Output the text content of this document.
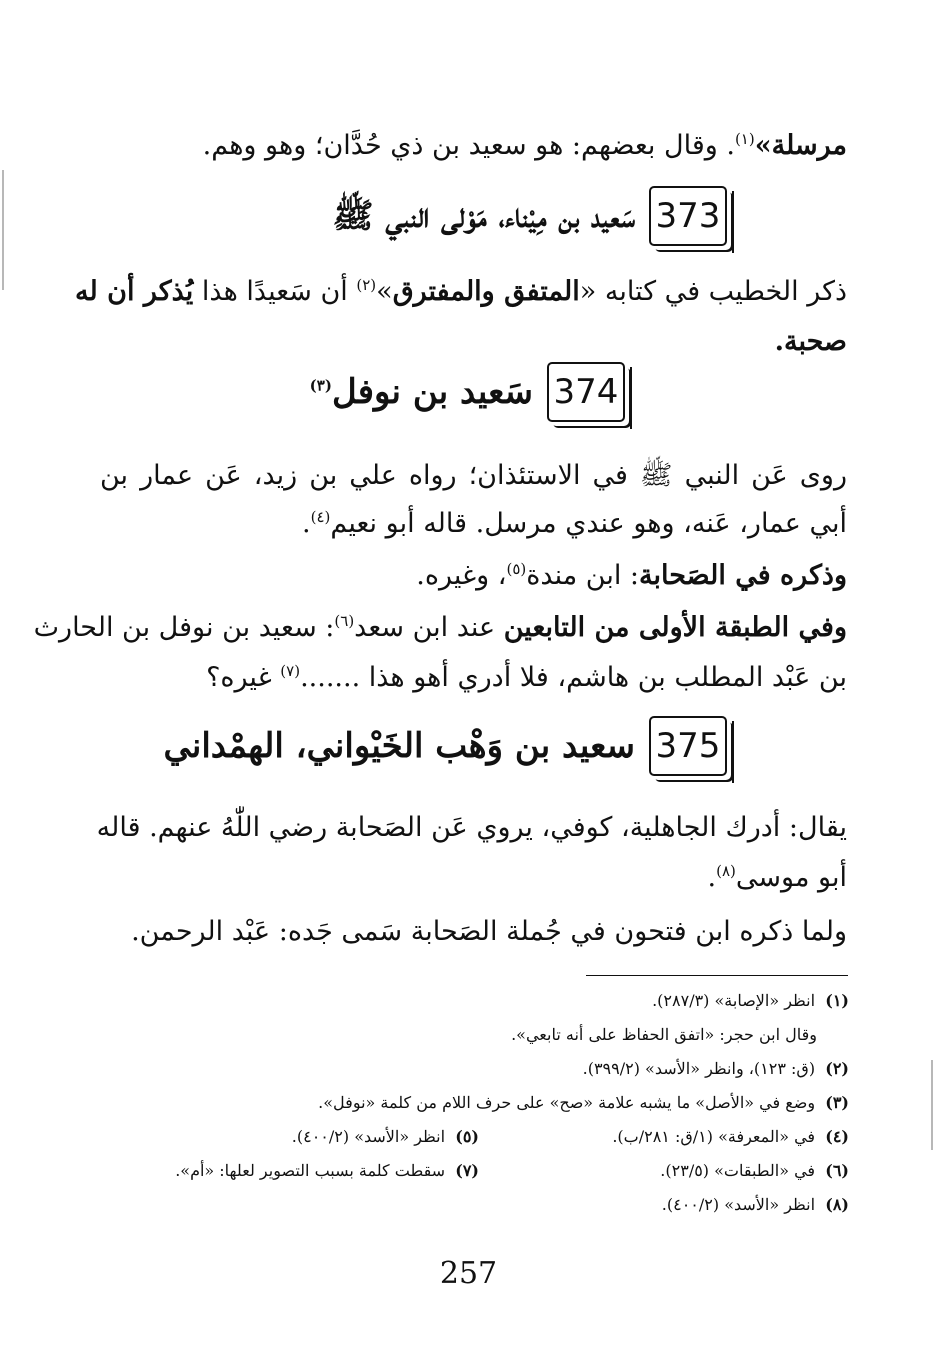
مرسلة»$^{(١)}$. وقال بعضهم: هو سعيد بن ذي حُدَّان؛ وهو وهم.
373
سَعيد بن مِيْناء، مَوْلى النبي ﷺ
ذكر الخطيب في كتابه «المتفق والمفترق»$^{(٢)}$ أن سَعيدًا هذا يُذكر أن له
صحبة.
374
سَعيد بن نوفل$^{(٣)}$
روى عَن النبي ﷺ في الاستئذان؛ رواه علي بن زيد، عَن عمار بن
أبي عمار، عَنه، وهو عندي مرسل. قاله أبو نعيم$^{(٤)}$.
وذكره في الصَحابة: ابن مندة$^{(٥)}$، وغيره.
وفي الطبقة الأولى من التابعين عند ابن سعد$^{(٦)}$: سعيد بن نوفل بن الحارث
بن عَبْد المطلب بن هاشم، فلا أدري أهو هذا .......$^{(٧)}$ غيره؟
375
سعيد بن وَهْب الخَيْواني، الهمْداني
يقال: أدرك الجاهلية، كوفي، يروي عَن الصَحابة رضي اللّٰهُ عنهم. قاله
أبو موسى$^{(٨)}$.
ولما ذكره ابن فتحون في جُملة الصَحابة سَمى جَده: عَبْد الرحمن.
(١)  انظر «الإصابة» (٢٨٧/٣).
وقال ابن حجر: «اتفق الحفاظ على أنه تابعي».
(٢)  (ق: ١٢٣)، وانظر «الأسد» (٣٩٩/٢).
(٣)  وضع في «الأصل» ما يشبه علامة «صح» على حرف اللام من كلمة «نوفل».
(٤)  في «المعرفة» (١/ق: ٢٨١/ب).
(٥)  انظر «الأسد» (٤٠٠/٢).
(٦)  في «الطبقات» (٢٣/٥).
(٧)  سقطت كلمة بسبب التصوير لعلها: «أم».
(٨)  انظر «الأسد» (٤٠٠/٢).
257
